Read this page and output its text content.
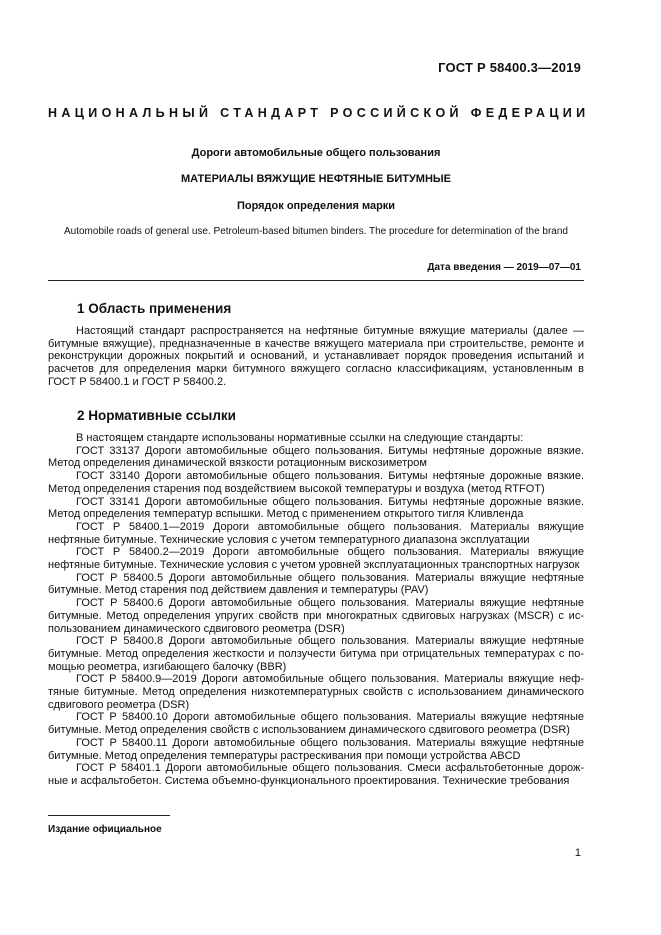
ГОСТ Р 58400.3—2019
НАЦИОНАЛЬНЫЙ СТАНДАРТ РОССИЙСКОЙ ФЕДЕРАЦИИ
Дороги автомобильные общего пользования
МАТЕРИАЛЫ ВЯЖУЩИЕ НЕФТЯНЫЕ БИТУМНЫЕ
Порядок определения марки
Automobile roads of general use. Petroleum-based bitumen binders. The procedure for determination of the brand
Дата введения — 2019—07—01
1 Область применения

Настоящий стандарт распространяется на нефтяные битумные вяжущие материалы (далее — битумные вяжущие), предназначенные в качестве вяжущего материала при строительстве, ремонте и реконструкции дорожных покрытий и оснований, и устанавливает порядок проведения испытаний и расчетов для определения марки битумного вяжущего согласно классификациям, установленным в ГОСТ Р 58400.1 и ГОСТ Р 58400.2.

2 Нормативные ссылки

В настоящем стандарте использованы нормативные ссылки на следующие стандарты:

ГОСТ 33137 Дороги автомобильные общего пользования. Битумы нефтяные дорожные вязкие. Метод определения динамической вязкости ротационным вискозиметром

ГОСТ 33140 Дороги автомобильные общего пользования. Битумы нефтяные дорожные вязкие. Метод определения старения под воздействием высокой температуры и воздуха (метод RTFOT)

ГОСТ 33141 Дороги автомобильные общего пользования. Битумы нефтяные дорожные вязкие. Метод определения температур вспышки. Метод с применением открытого тигля Кливленда

ГОСТ Р 58400.1—2019 Дороги автомобильные общего пользования. Материалы вяжущие нефтяные битумные. Технические условия с учетом температурного диапазона эксплуатации

ГОСТ Р 58400.2—2019 Дороги автомобильные общего пользования. Материалы вяжущие нефтяные битумные. Технические условия с учетом уровней эксплуатационных транспортных нагрузок

ГОСТ Р 58400.5 Дороги автомобильные общего пользования. Материалы вяжущие нефтяные битумные. Метод старения под действием давления и температуры (PAV)

ГОСТ Р 58400.6 Дороги автомобильные общего пользования. Материалы вяжущие нефтяные битумные. Метод определения упругих свойств при многократных сдвиговых нагрузках (MSCR) с использованием динамического сдвигового реометра (DSR)

ГОСТ Р 58400.8 Дороги автомобильные общего пользования. Материалы вяжущие нефтяные битумные. Метод определения жесткости и ползучести битума при отрицательных температурах с помощью реометра, изгибающего балочку (BBR)

ГОСТ Р 58400.9—2019 Дороги автомобильные общего пользования. Материалы вяжущие нефтяные битумные. Метод определения низкотемпературных свойств с использованием динамического сдвигового реометра (DSR)

ГОСТ Р 58400.10 Дороги автомобильные общего пользования. Материалы вяжущие нефтяные битумные. Метод определения свойств с использованием динамического сдвигового реометра (DSR)

ГОСТ Р 58400.11 Дороги автомобильные общего пользования. Материалы вяжущие нефтяные битумные. Метод определения температуры растрескивания при помощи устройства ABCD

ГОСТ Р 58401.1 Дороги автомобильные общего пользования. Смеси асфальтобетонные дорожные и асфальтобетон. Система объемно-функционального проектирования. Технические требования

Издание официальное
1
